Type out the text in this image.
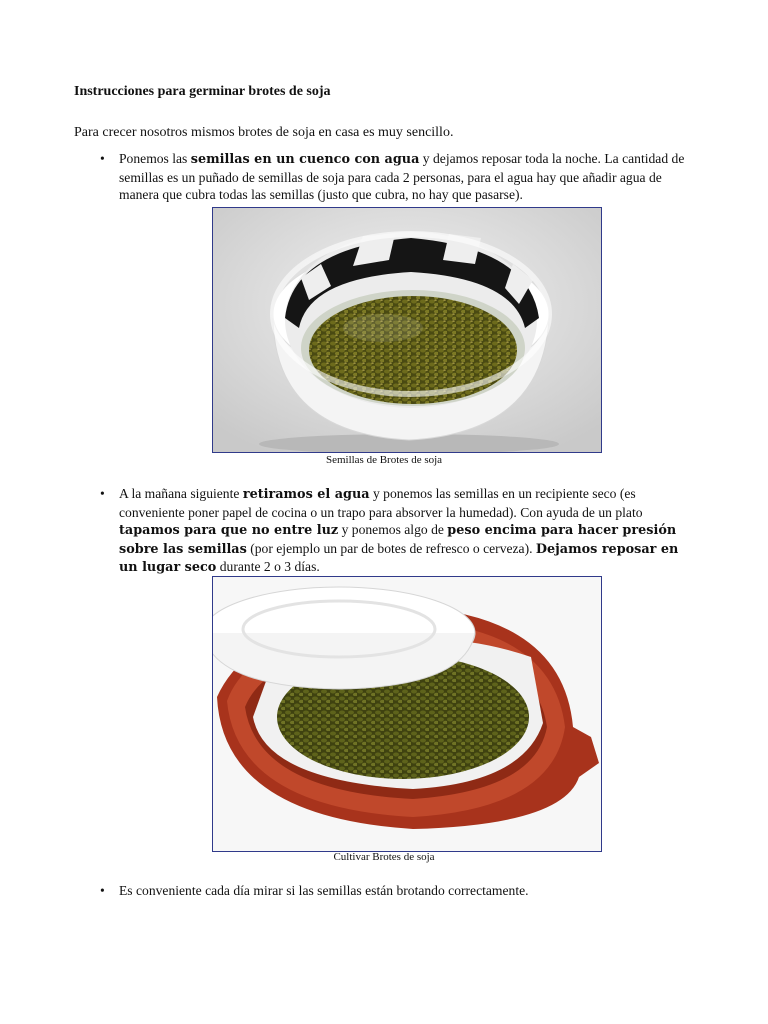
Instrucciones para germinar brotes de soja
Para crecer nosotros mismos brotes de soja en casa es muy sencillo.
• Ponemos las semillas en un cuenco con agua y dejamos reposar toda la noche. La cantidad de semillas es un puñado de semillas de soja para cada 2 personas, para el agua hay que añadir agua de manera que cubra todas las semillas (justo que cubra, no hay que pasarse).
Semillas de Brotes de soja
• A la mañana siguiente retiramos el agua y ponemos las semillas en un recipiente seco (es conveniente poner papel de cocina o un trapo para absorver la humedad). Con ayuda de un plato tapamos para que no entre luz y ponemos algo de peso encima para hacer presión sobre las semillas (por ejemplo un par de botes de refresco o cerveza). Dejamos reposar en un lugar seco durante 2 o 3 días.
Cultivar Brotes de soja
• Es conveniente cada día mirar si las semillas están brotando correctamente.
